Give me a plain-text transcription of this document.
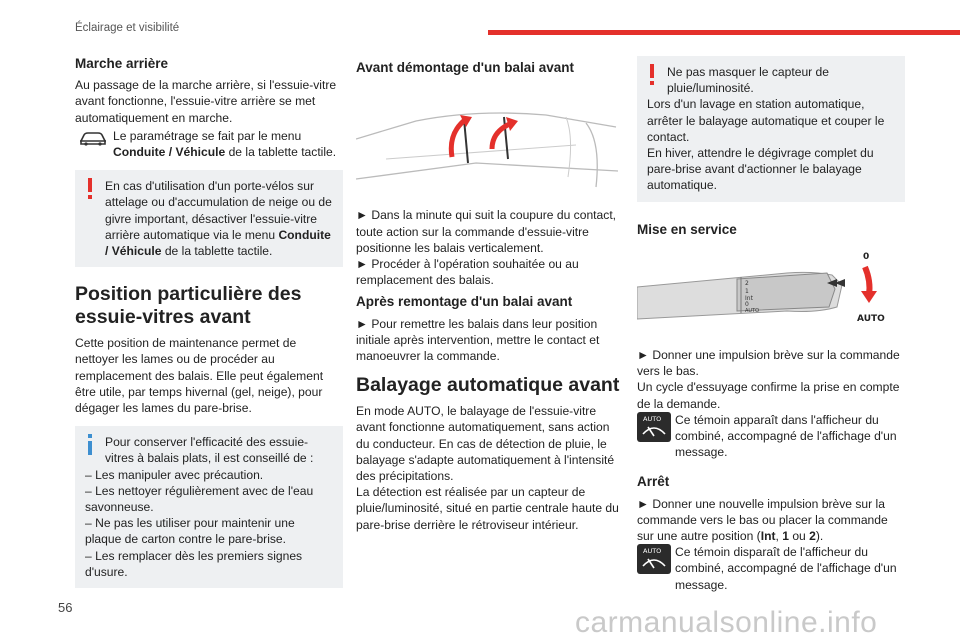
Éclairage et visibilité
Marche arrière

Au passage de la marche arrière, si l'essuie-vitre avant fonctionne, l'essuie-vitre arrière se met automatiquement en marche.

Le paramétrage se fait par le menu Conduite / Véhicule de la tablette tactile.

En cas d'utilisation d'un porte-vélos sur attelage ou d'accumulation de neige ou de givre important, désactiver l'essuie-vitre arrière automatique via le menu Conduite / Véhicule de la tablette tactile.

Position particulière des essuie-vitres avant

Cette position de maintenance permet de nettoyer les lames ou de procéder au remplacement des balais. Elle peut également être utile, par temps hivernal (gel, neige), pour dégager les lames du pare-brise.

Pour conserver l'efficacité des essuie-vitres à balais plats, il est conseillé de :

– Les manipuler avec précaution.

– Les nettoyer régulièrement avec de l'eau savonneuse.

– Ne pas les utiliser pour maintenir une plaque de carton contre le pare-brise.

– Les remplacer dès les premiers signes d'usure.

Avant démontage d'un balai avant

► Dans la minute qui suit la coupure du contact, toute action sur la commande d'essuie-vitre positionne les balais verticalement.

► Procéder à l'opération souhaitée ou au remplacement des balais.

Après remontage d'un balai avant

► Pour remettre les balais dans leur position initiale après intervention, mettre le contact et manoeuvrer la commande.

Balayage automatique avant

En mode AUTO, le balayage de l'essuie-vitre avant fonctionne automatiquement, sans action du conducteur. En cas de détection de pluie, le balayage s'adapte automatiquement à l'intensité des précipitations.

La détection est réalisée par un capteur de pluie/luminosité, situé en partie centrale haute du pare-brise derrière le rétroviseur intérieur.

Ne pas masquer le capteur de pluie/luminosité.

Lors d'un lavage en station automatique, arrêter le balayage automatique et couper le contact.

En hiver, attendre le dégivrage complet du pare-brise avant d'actionner le balayage automatique.

Mise en service
2
1
Int
0
AUTO
0
AUTO

► Donner une impulsion brève sur la commande vers le bas.

Un cycle d'essuyage confirme la prise en compte de la demande.

AUTO Ce témoin apparaît dans l'afficheur du combiné, accompagné de l'affichage d'un message.

Arrêt

► Donner une nouvelle impulsion brève sur la commande vers le bas ou placer la commande sur une autre position (Int, 1 ou 2).

AUTO Ce témoin disparaît de l'afficheur du combiné, accompagné de l'affichage d'un message.

56	carmanualsonline.info
